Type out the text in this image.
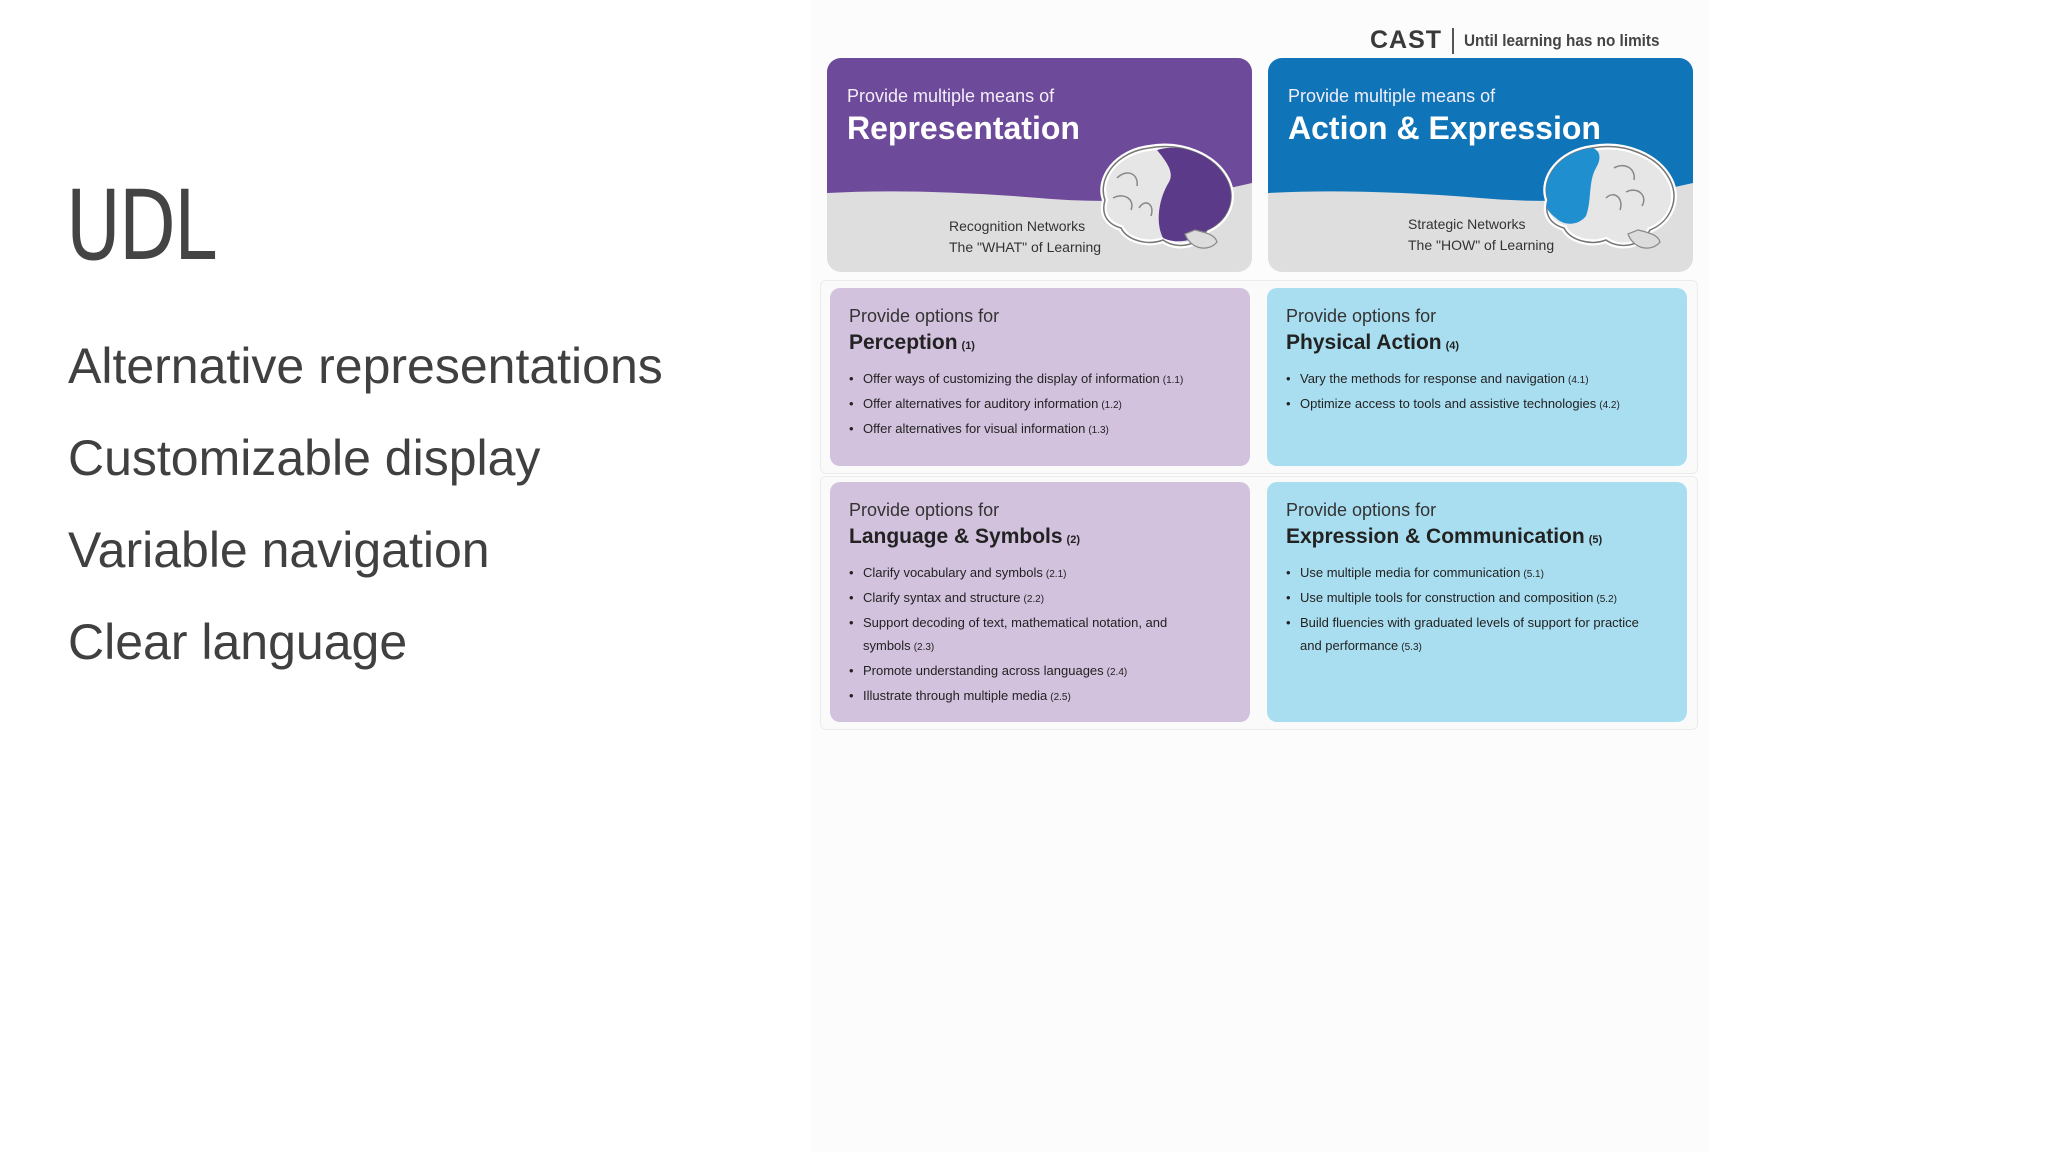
UDL
Alternative representations
Customizable display
Variable navigation
Clear language
CAST Until learning has no limits
Provide multiple means of
Representation
Recognition Networks
The "WHAT" of Learning
Provide multiple means of
Action & Expression
Strategic Networks
The "HOW" of Learning
Provide options for
Perception (1)
• Offer ways of customizing the display of information (1.1)
• Offer alternatives for auditory information (1.2)
• Offer alternatives for visual information (1.3)
Provide options for
Physical Action (4)
• Vary the methods for response and navigation (4.1)
• Optimize access to tools and assistive technologies (4.2)
Provide options for
Language & Symbols (2)
• Clarify vocabulary and symbols (2.1)
• Clarify syntax and structure (2.2)
• Support decoding of text, mathematical notation, and symbols (2.3)
• Promote understanding across languages (2.4)
• Illustrate through multiple media (2.5)
Provide options for
Expression & Communication (5)
• Use multiple media for communication (5.1)
• Use multiple tools for construction and composition (5.2)
• Build fluencies with graduated levels of support for practice and performance (5.3)
